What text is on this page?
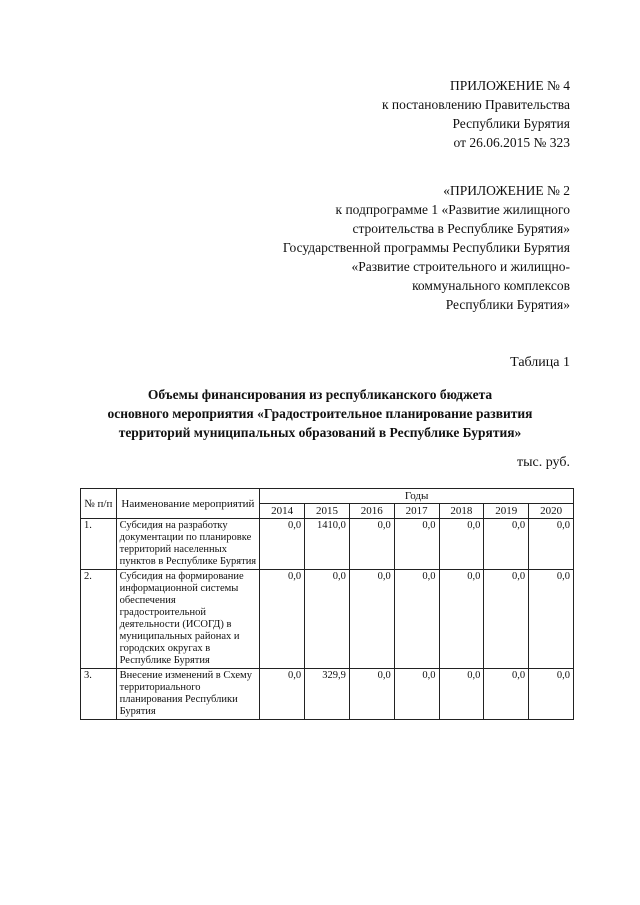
ПРИЛОЖЕНИЕ № 4
к постановлению Правительства
Республики Бурятия
от 26.06.2015 № 323
«ПРИЛОЖЕНИЕ № 2
к подпрограмме 1 «Развитие жилищного
строительства в Республике Бурятия»
Государственной программы Республики Бурятия
«Развитие строительного и жилищно-
коммунального комплексов
Республики Бурятия»
Таблица 1
Объемы финансирования из республиканского бюджета
основного мероприятия «Градостроительное планирование развития
территорий муниципальных образований в Республике Бурятия»
тыс. руб.
№ п/п	Наименование мероприятий	Годы						
		2014	2015	2016	2017	2018	2019	2020
1.	Субсидия на разработку документации по планировке территорий населенных пунктов в Республике Бурятия	0,0	1410,0	0,0	0,0	0,0	0,0	0,0
2.	Субсидия на формирование информационной системы обеспечения градостроительной деятельности (ИСОГД) в муниципальных районах и городских округах в Республике Бурятия	0,0	0,0	0,0	0,0	0,0	0,0	0,0
3.	Внесение изменений в Схему территориального планирования Республики Бурятия	0,0	329,9	0,0	0,0	0,0	0,0	0,0
